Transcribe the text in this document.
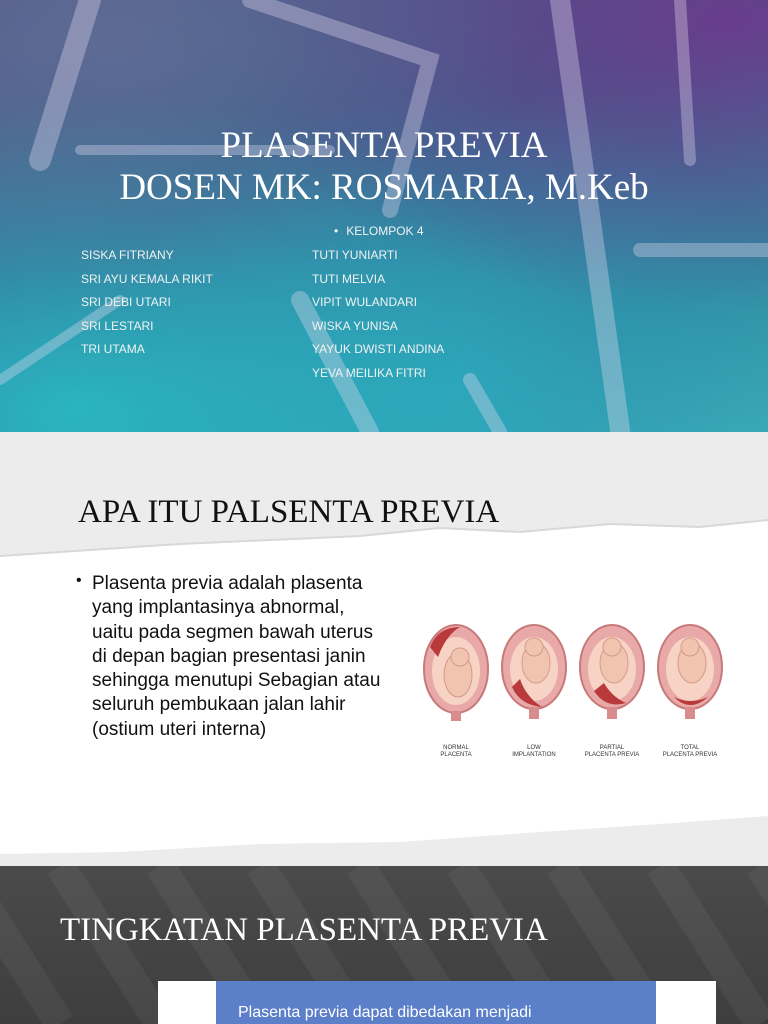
PLASENTA PREVIA
DOSEN MK: ROSMARIA, M.Keb
• KELOMPOK 4
SISKA FITRIANY
SRI AYU KEMALA RIKIT
SRI DEBI UTARI
SRI LESTARI
TRI UTAMA
TUTI YUNIARTI
TUTI MELVIA
VIPIT WULANDARI
WISKA YUNISA
YAYUK DWISTI ANDINA
YEVA MEILIKA FITRI
APA ITU PALSENTA PREVIA
• Plasenta previa adalah plasenta yang implantasinya abnormal, uaitu pada segmen bawah uterus di depan bagian presentasi janin sehingga menutupi Sebagian atau seluruh pembukaan jalan lahir (ostium uteri interna)
NORMAL
PLACENTA
LOW
IMPLANTATION
PARTIAL
PLACENTA PREVIA
TOTAL
PLACENTA PREVIA
TINGKATAN PLASENTA PREVIA
Plasenta previa dapat dibedakan menjadi
